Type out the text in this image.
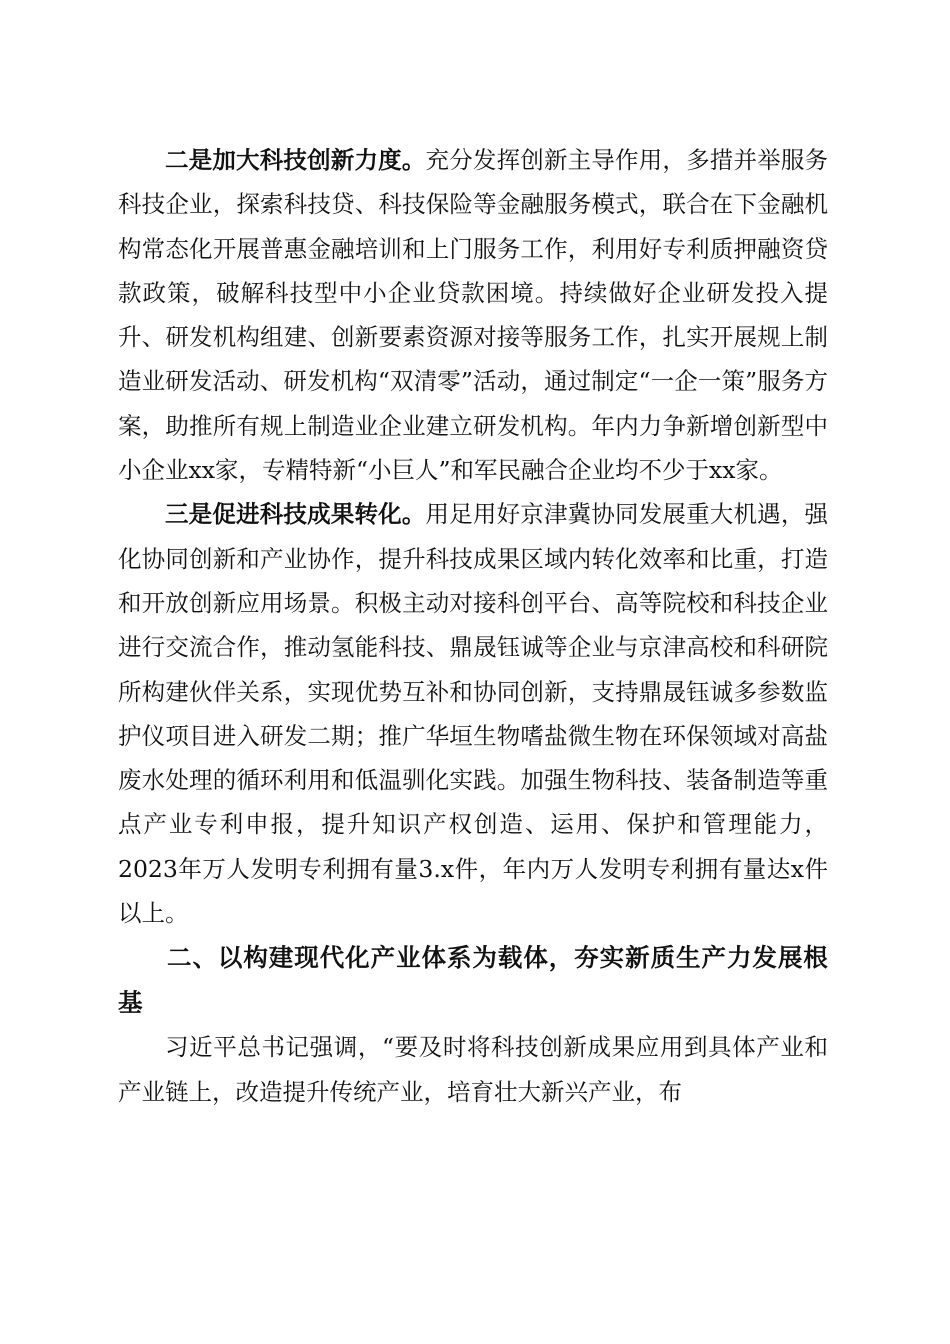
二是加大科技创新力度。充分发挥创新主导作用，多措并举服务科技企业，探索科技贷、科技保险等金融服务模式，联合在下金融机构常态化开展普惠金融培训和上门服务工作，利用好专利质押融资贷款政策，破解科技型中小企业贷款困境。持续做好企业研发投入提升、研发机构组建、创新要素资源对接等服务工作，扎实开展规上制造业研发活动、研发机构“双清零”活动，通过制定“一企一策”服务方案，助推所有规上制造业企业建立研发机构。年内力争新增创新型中小企业xx家，专精特新“小巨人”和军民融合企业均不少于xx家。

三是促进科技成果转化。用足用好京津冀协同发展重大机遇，强化协同创新和产业协作，提升科技成果区域内转化效率和比重，打造和开放创新应用场景。积极主动对接科创平台、高等院校和科技企业进行交流合作，推动氢能科技、鼎晟钰诚等企业与京津高校和科研院所构建伙伴关系，实现优势互补和协同创新，支持鼎晟钰诚多参数监护仪项目进入研发二期；推广华垣生物嗜盐微生物在环保领域对高盐废水处理的循环利用和低温驯化实践。加强生物科技、装备制造等重点产业专利申报，提升知识产权创造、运用、保护和管理能力，2023年万人发明专利拥有量3.x件，年内万人发明专利拥有量达x件以上。

二、以构建现代化产业体系为载体，夯实新质生产力发展根基

习近平总书记强调，“要及时将科技创新成果应用到具体产业和产业链上，改造提升传统产业，培育壮大新兴产业，布
